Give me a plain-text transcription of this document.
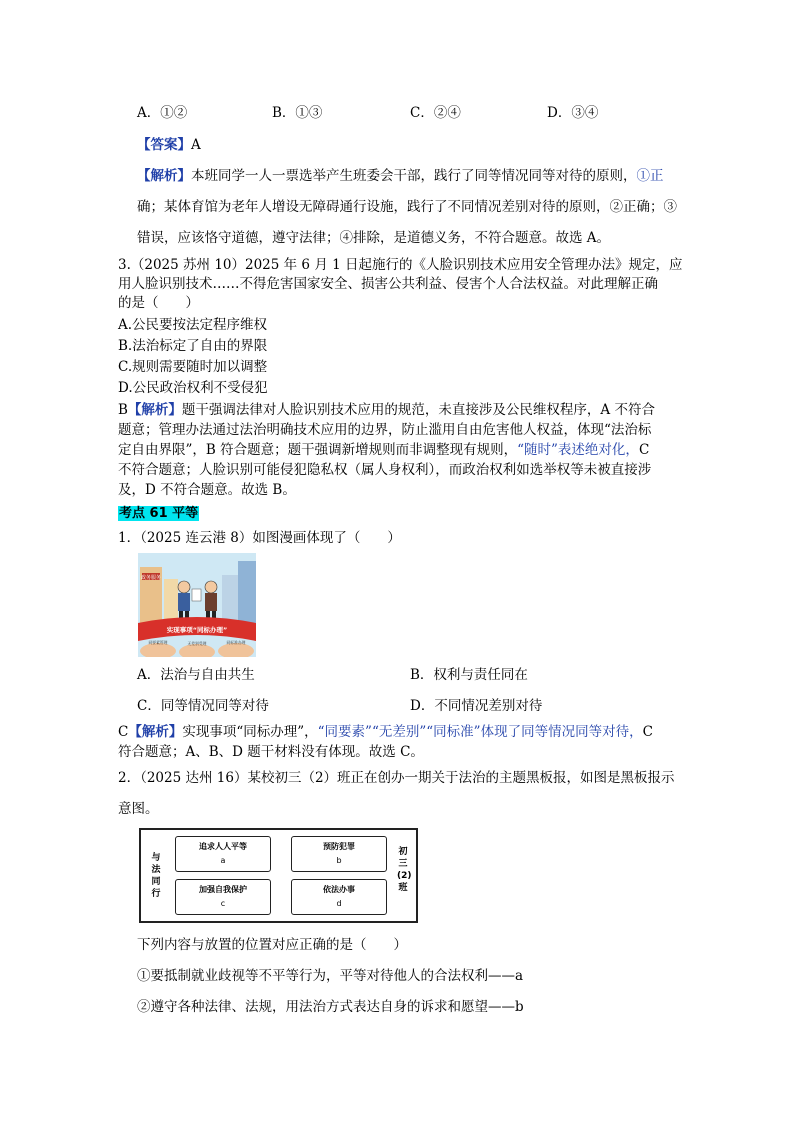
A．①②	B．①③	C．②④	D．③④
【答案】A
【解析】本班同学一人一票选举产生班委会干部，践行了同等情况同等对待的原则，①正
确；某体育馆为老年人增设无障碍通行设施，践行了不同情况差别对待的原则，②正确；③
错误，应该恪守道德，遵守法律；④排除，是道德义务，不符合题意。故选 A。
3.（2025 苏州 10）2025 年 6 月 1 日起施行的《人脸识别技术应用安全管理办法》规定，应
用人脸识别技术……不得危害国家安全、损害公共利益、侵害个人合法权益。对此理解正确
的是（　　）
A.公民要按法定程序维权
B.法治标定了自由的界限
C.规则需要随时加以调整
D.公民政治权利不受侵犯
B【解析】题干强调法律对人脸识别技术应用的规范，未直接涉及公民维权程序，A 不符合
题意；管理办法通过法治明确技术应用的边界，防止滥用自由危害他人权益，体现“法治标
定自由界限”，B 符合题意；题干强调新增规则而非调整现有规则，“随时”表述绝对化，C
不符合题意；人脸识别可能侵犯隐私权（属人身权利），而政治权利如选举权等未被直接涉
及，D 不符合题意。故选 B。
考点 61 平等
1．（2025 连云港 8）如图漫画体现了（　　）
政务服务
实现事项“同标办理”
同要素管理	无差别受理	同标准办理
A．法治与自由共生	B．权利与责任同在
C．同等情况同等对待	D．不同情况差别对待
C【解析】实现事项“同标办理”，“同要素”“无差别”“同标准”体现了同等情况同等对待，C
符合题意；A、B、D 题干材料没有体现。故选 C。
2．（2025 达州 16）某校初三（2）班正在创办一期关于法治的主题黑板报，如图是黑板报示
意图。
与法同行
初三(2)班
追求人人平等
a
预防犯罪
b
加强自我保护
c
依法办事
d
下列内容与放置的位置对应正确的是（　　）
①要抵制就业歧视等不平等行为，平等对待他人的合法权利——a
②遵守各种法律、法规，用法治方式表达自身的诉求和愿望——b
